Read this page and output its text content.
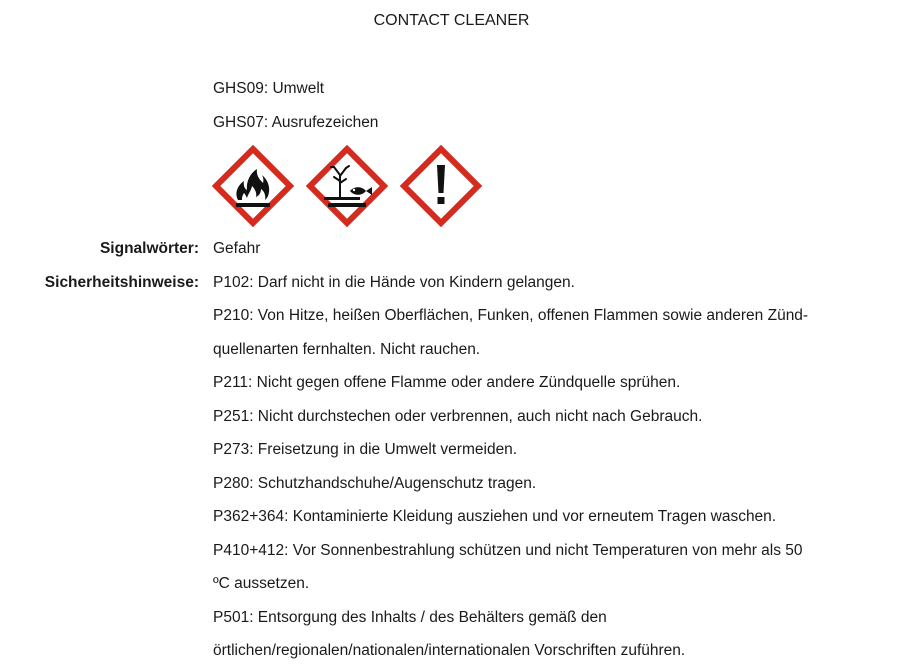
CONTACT CLEANER
GHS09: Umwelt
GHS07: Ausrufezeichen
Signalwörter: Gefahr
Sicherheitshinweise: P102: Darf nicht in die Hände von Kindern gelangen.
P210: Von Hitze, heißen Oberflächen, Funken, offenen Flammen sowie anderen Zünd-
quellenarten fernhalten. Nicht rauchen.
P211: Nicht gegen offene Flamme oder andere Zündquelle sprühen.
P251: Nicht durchstechen oder verbrennen, auch nicht nach Gebrauch.
P273: Freisetzung in die Umwelt vermeiden.
P280: Schutzhandschuhe/Augenschutz tragen.
P362+364: Kontaminierte Kleidung ausziehen und vor erneutem Tragen waschen.
P410+412: Vor Sonnenbestrahlung schützen und nicht Temperaturen von mehr als 50
ºC aussetzen.
P501: Entsorgung des Inhalts / des Behälters gemäß den
örtlichen/regionalen/nationalen/internationalen Vorschriften zuführen.
